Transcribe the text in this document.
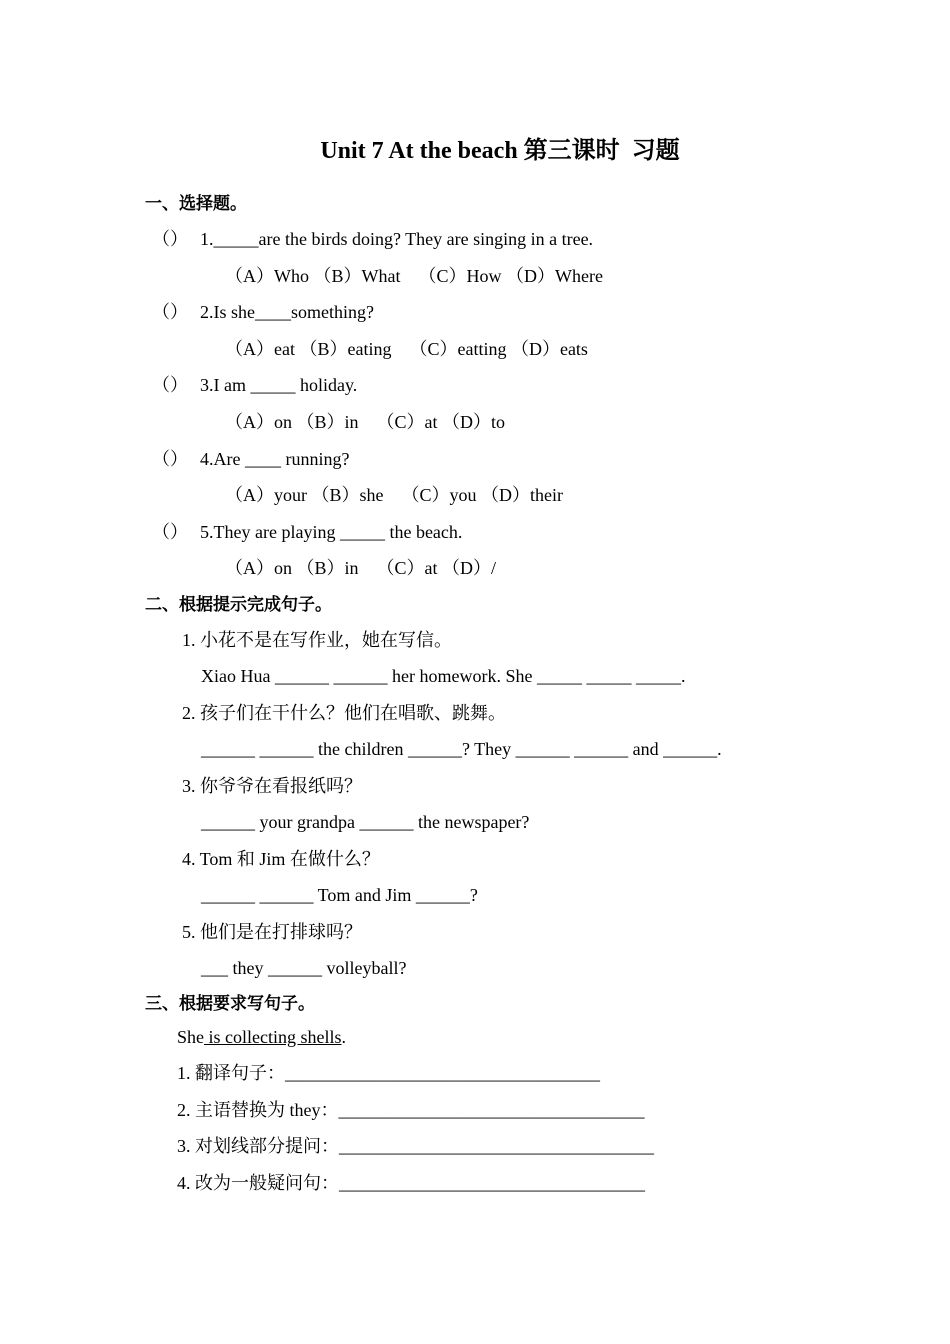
Unit 7 At the beach 第三课时  习题
一、选择题。
（） 1._____are the birds doing? They are singing in a tree.
（A）Who （B）What    （C）How （D）Where
（） 2.Is she____something?
（A）eat （B）eating    （C）eatting （D）eats
（） 3.I am _____ holiday.
（A）on （B）in    （C）at （D）to
（） 4.Are ____ running?
（A）your （B）she    （C）you （D）their
（） 5.They are playing _____ the beach.
（A）on （B）in    （C）at （D）/
二、根据提示完成句子。
1. 小花不是在写作业，她在写信。
Xiao Hua ______ ______ her homework. She _____ _____ _____.
2. 孩子们在干什么？他们在唱歌、跳舞。
______ ______ the children ______? They ______ ______ and ______.
3. 你爷爷在看报纸吗？
______ your grandpa ______ the newspaper?
4. Tom 和 Jim 在做什么？
______ ______ Tom and Jim ______?
5. 他们是在打排球吗？
___ they ______ volleyball?
三、根据要求写句子。
She is collecting shells.
1. 翻译句子：___________________________________
2. 主语替换为 they：__________________________________
3. 对划线部分提问：___________________________________
4. 改为一般疑问句：__________________________________
